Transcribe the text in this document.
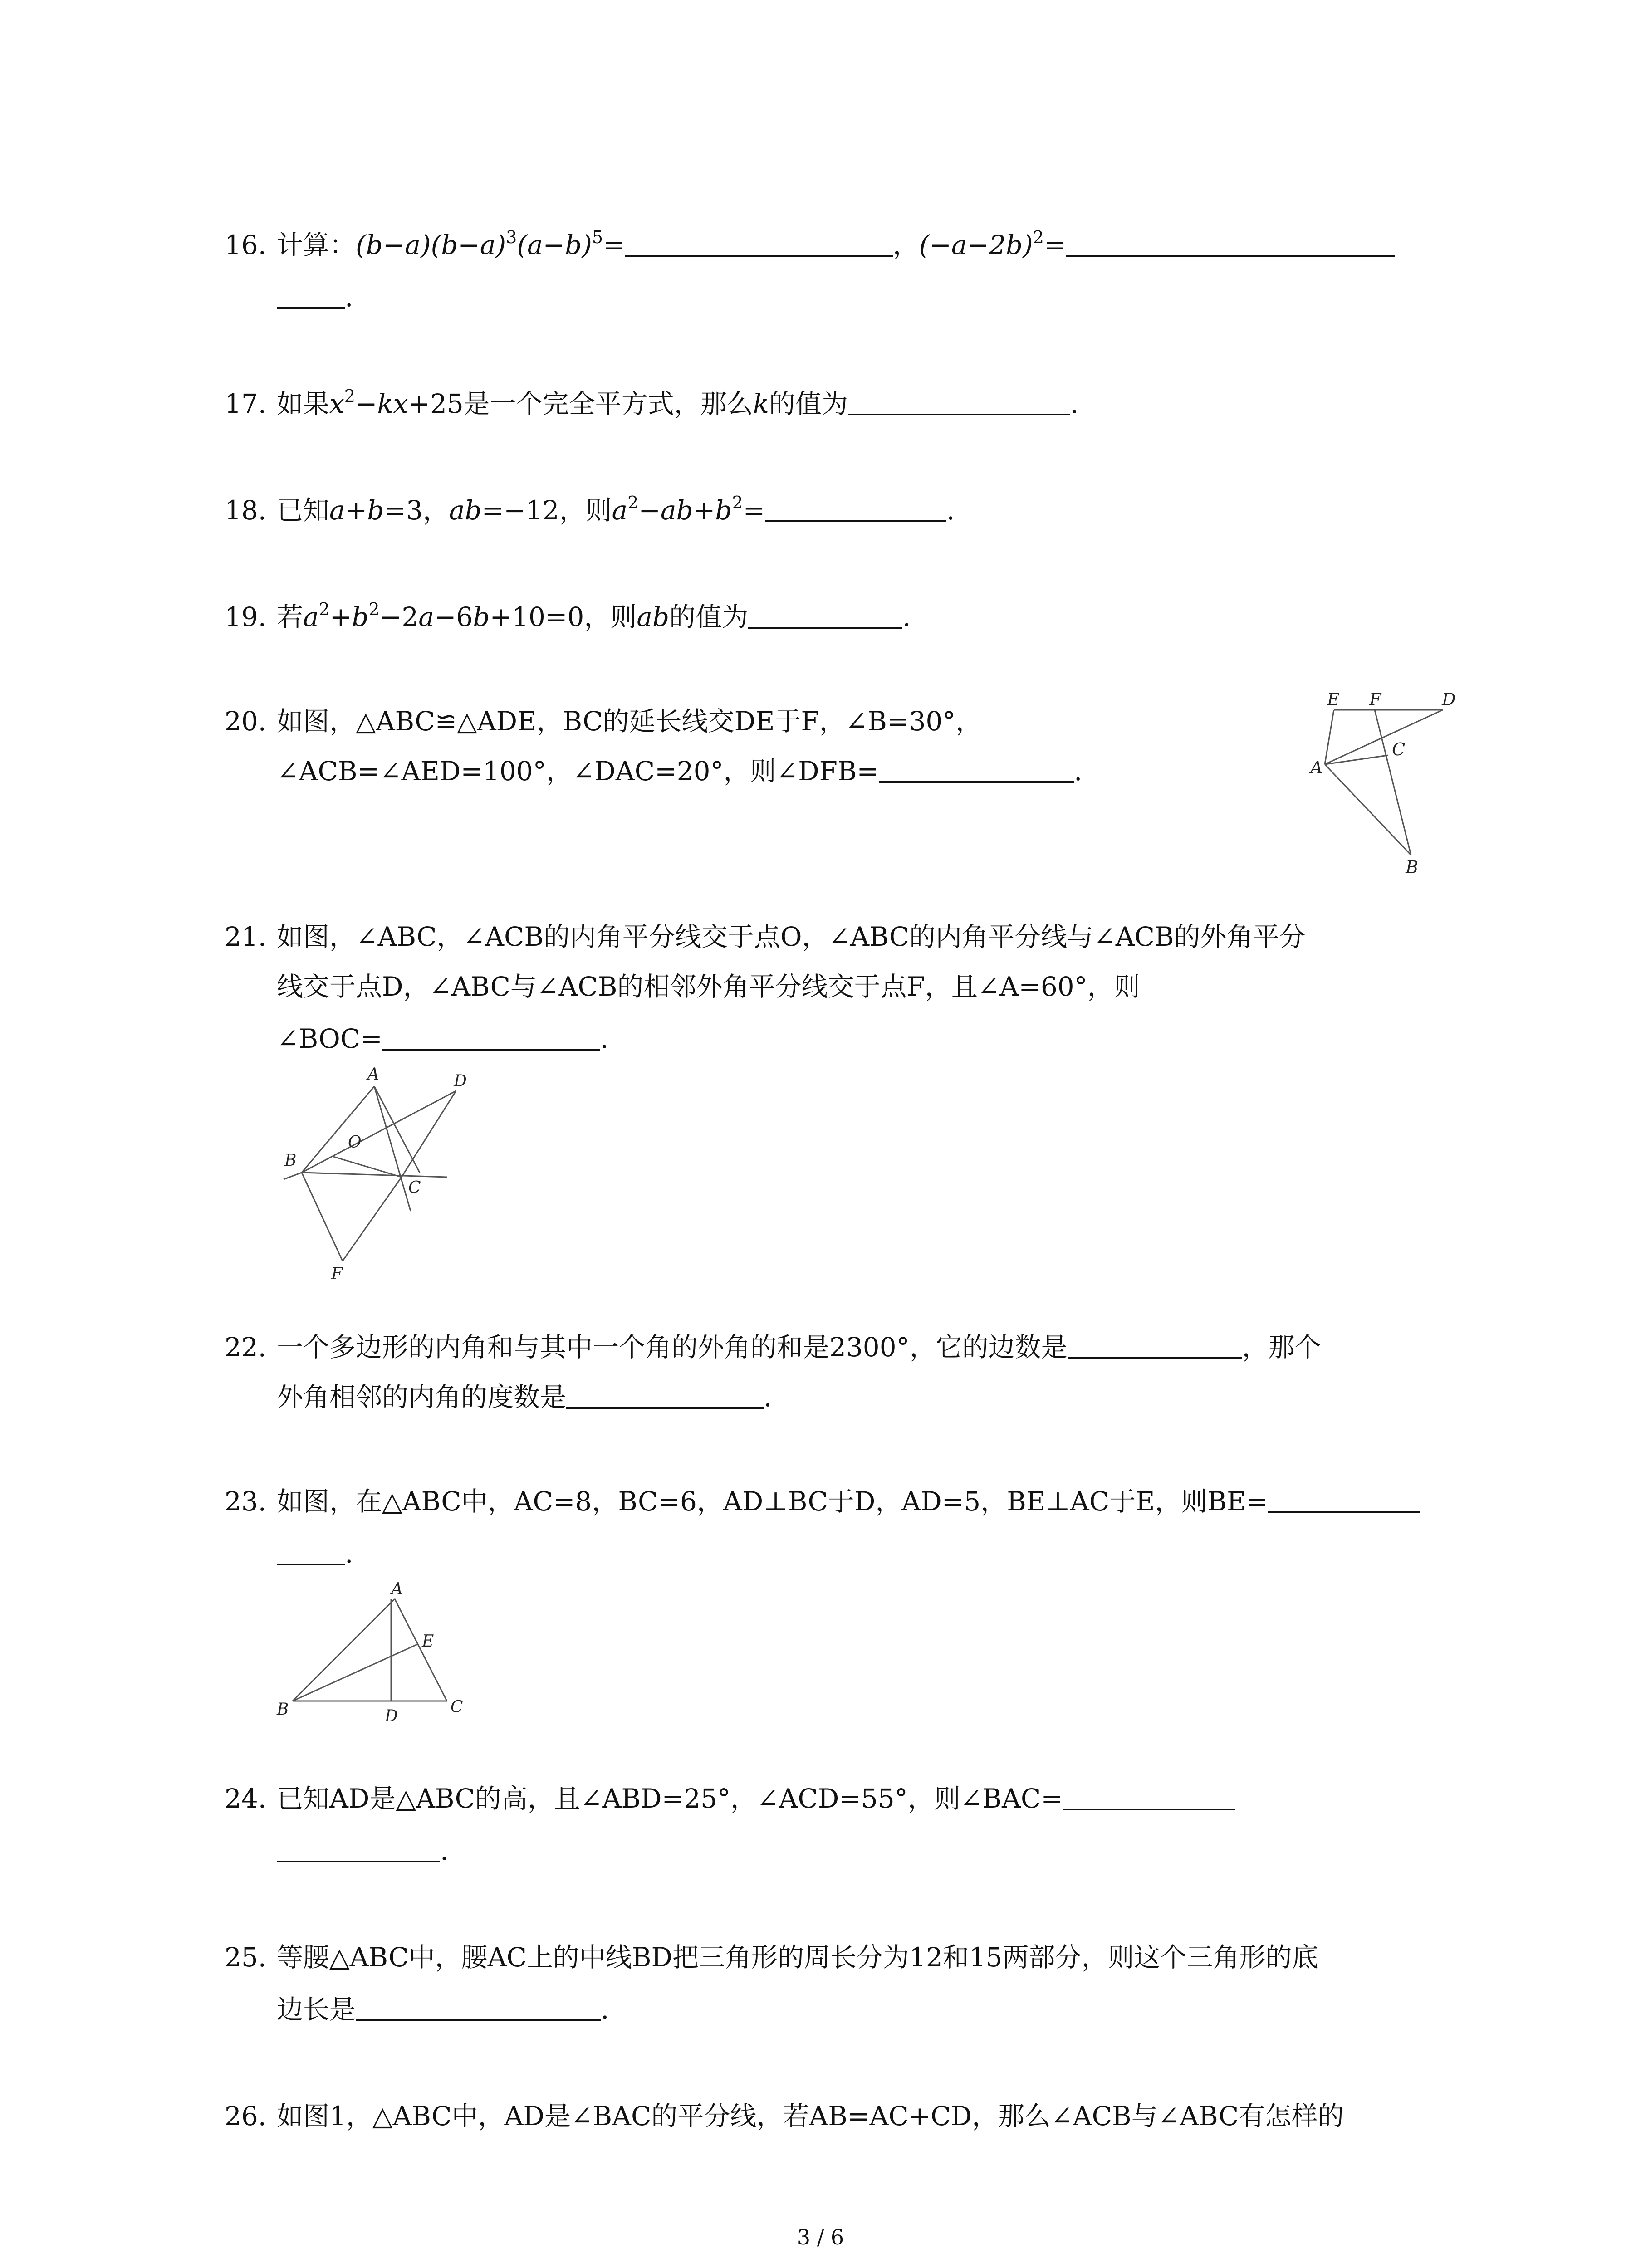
16. 计算：$(b-a)(b-a)^3(a-b)^5=$	，$(-a-2b)^2=$
.
17. 如果$x^2-kx+25$是一个完全平方式，那么k的值为	.
18. 已知a+b=3，ab=−12，则$a^2-ab+b^2=$	.
19. 若$a^2+b^2-2a-6b+10=0$，则ab的值为	.
20. 如图，△ABC≌△ADE，BC的延长线交DE于F，∠B=30°，
∠ACB=∠AED=100°，∠DAC=20°，则∠DFB=	.
E F	D
A
C
B
21. 如图，∠ABC，∠ACB的内角平分线交于点O，∠ABC的内角平分线与∠ACB的外角平分
线交于点D，∠ABC与∠ACB的相邻外角平分线交于点F，且∠A=60°，则
∠BOC=	.
A	D
O
B
C
F
22. 一个多边形的内角和与其中一个角的外角的和是2300°，它的边数是	，那个
外角相邻的内角的度数是	.
23. 如图，在△ABC中，AC=8，BC=6，AD⊥BC于D，AD=5，BE⊥AC于E，则BE=
.
A
E
B	D	C
24. 已知AD是△ABC的高，且∠ABD=25°，∠ACD=55°，则∠BAC=
.
25. 等腰△ABC中，腰AC上的中线BD把三角形的周长分为12和15两部分，则这个三角形的底
边长是	.
26. 如图1，△ABC中，AD是∠BAC的平分线，若AB=AC+CD，那么∠ACB与∠ABC有怎样的
3 / 6
